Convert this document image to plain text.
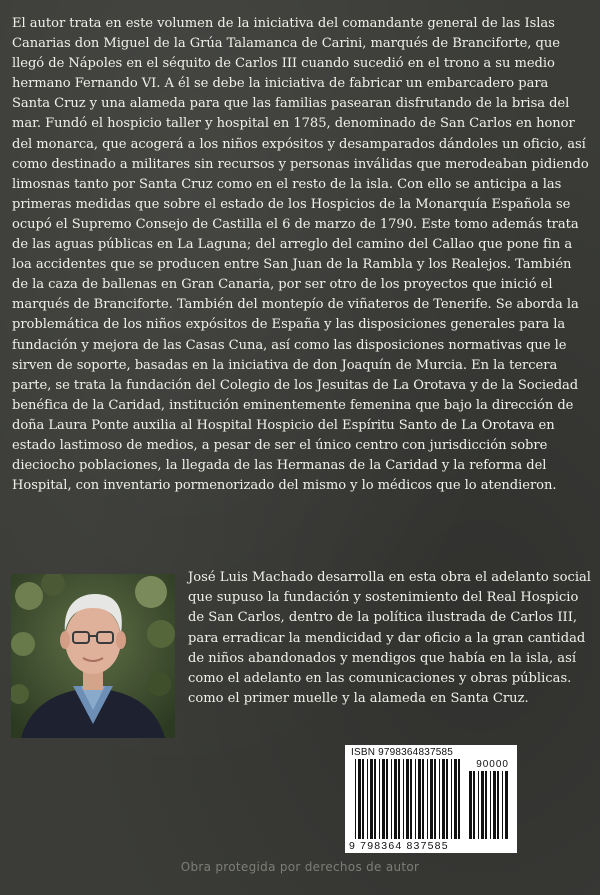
El autor trata en este volumen de la iniciativa del comandante general de las Islas Canarias don Miguel de la Grúa Talamanca de Carini, marqués de Branciforte, que llegó de Nápoles en el séquito de Carlos III cuando sucedió en el trono a su medio hermano Fernando VI. A él se debe la iniciativa de fabricar un embarcadero para Santa Cruz y una alameda para que las familias pasearan disfrutando de la brisa del mar. Fundó el hospicio taller y hospital en 1785, denominado de San Carlos en honor del monarca, que acogerá a los niños expósitos y desamparados dándoles un oficio, así como destinado a militares sin recursos y personas inválidas que merodeaban pidiendo limosnas tanto por Santa Cruz como en el resto de la isla. Con ello se anticipa a las primeras medidas que sobre el estado de los Hospicios de la Monarquía Española se ocupó el Supremo Consejo de Castilla el 6 de marzo de 1790. Este tomo además trata de las aguas públicas en La Laguna; del arreglo del camino del Callao que pone fin a loa accidentes que se producen entre San Juan de la Rambla y los Realejos. También de la caza de ballenas en Gran Canaria, por ser otro de los proyectos que inició el marqués de Branciforte. También del montepío de viñateros de Tenerife. Se aborda la problemática de los niños expósitos de España y las disposiciones generales para la fundación y mejora de las Casas Cuna, así como las disposiciones normativas que le sirven de soporte, basadas en la iniciativa de don Joaquín de Murcia. En la tercera parte, se trata la fundación del Colegio de los Jesuitas de La Orotava y de la Sociedad benéfica de la Caridad, institución eminentemente femenina que bajo la dirección de doña Laura Ponte auxilia al Hospital Hospicio del Espíritu Santo de La Orotava en estado lastimoso de medios, a pesar de ser el único centro con jurisdicción sobre dieciocho poblaciones, la llegada de las Hermanas de la Caridad y la reforma del Hospital, con inventario pormenorizado del mismo y lo médicos que lo atendieron.
José Luis Machado desarrolla en esta obra el adelanto social que supuso la fundación y sostenimiento del Real Hospicio de San Carlos, dentro de la política ilustrada de Carlos III, para erradicar la mendicidad y dar oficio a la gran cantidad de niños abandonados y mendigos que había en la isla, así como el adelanto en las comunicaciones y obras públicas. como el primer muelle y la alameda en Santa Cruz.
ISBN 9798364837585
90000
9 798364 837585
Obra protegida por derechos de autor
